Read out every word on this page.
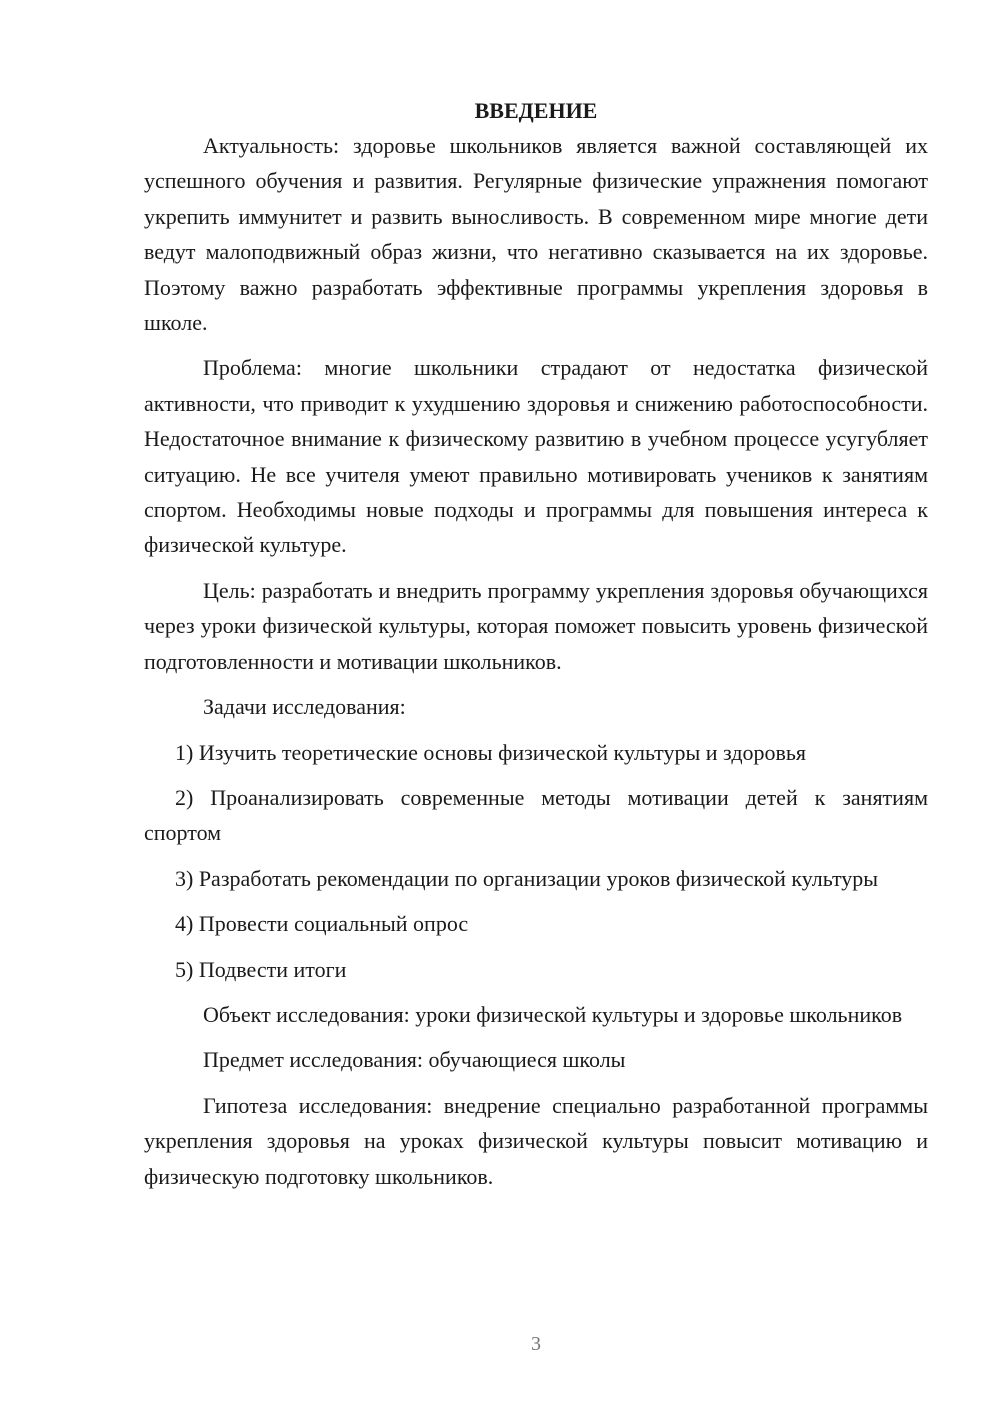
ВВЕДЕНИЕ

Актуальность: здоровье школьников является важной составляющей их успешного обучения и развития. Регулярные физические упражнения помогают укрепить иммунитет и развить выносливость. В современном мире многие дети ведут малоподвижный образ жизни, что негативно сказывается на их здоровье. Поэтому важно разработать эффективные программы укрепления здоровья в школе.

Проблема: многие школьники страдают от недостатка физической активности, что приводит к ухудшению здоровья и снижению работоспособности. Недостаточное внимание к физическому развитию в учебном процессе усугубляет ситуацию. Не все учителя умеют правильно мотивировать учеников к занятиям спортом. Необходимы новые подходы и программы для повышения интереса к физической культуре.

Цель: разработать и внедрить программу укрепления здоровья обучающихся через уроки физической культуры, которая поможет повысить уровень физической подготовленности и мотивации школьников.

Задачи исследования:

1) Изучить теоретические основы физической культуры и здоровья

2) Проанализировать современные методы мотивации детей к занятиям спортом

3) Разработать рекомендации по организации уроков физической культуры

4) Провести социальный опрос

5) Подвести итоги

Объект исследования: уроки физической культуры и здоровье школьников

Предмет исследования: обучающиеся школы

Гипотеза исследования: внедрение специально разработанной программы укрепления здоровья на уроках физической культуры повысит мотивацию и физическую подготовку школьников.

3
